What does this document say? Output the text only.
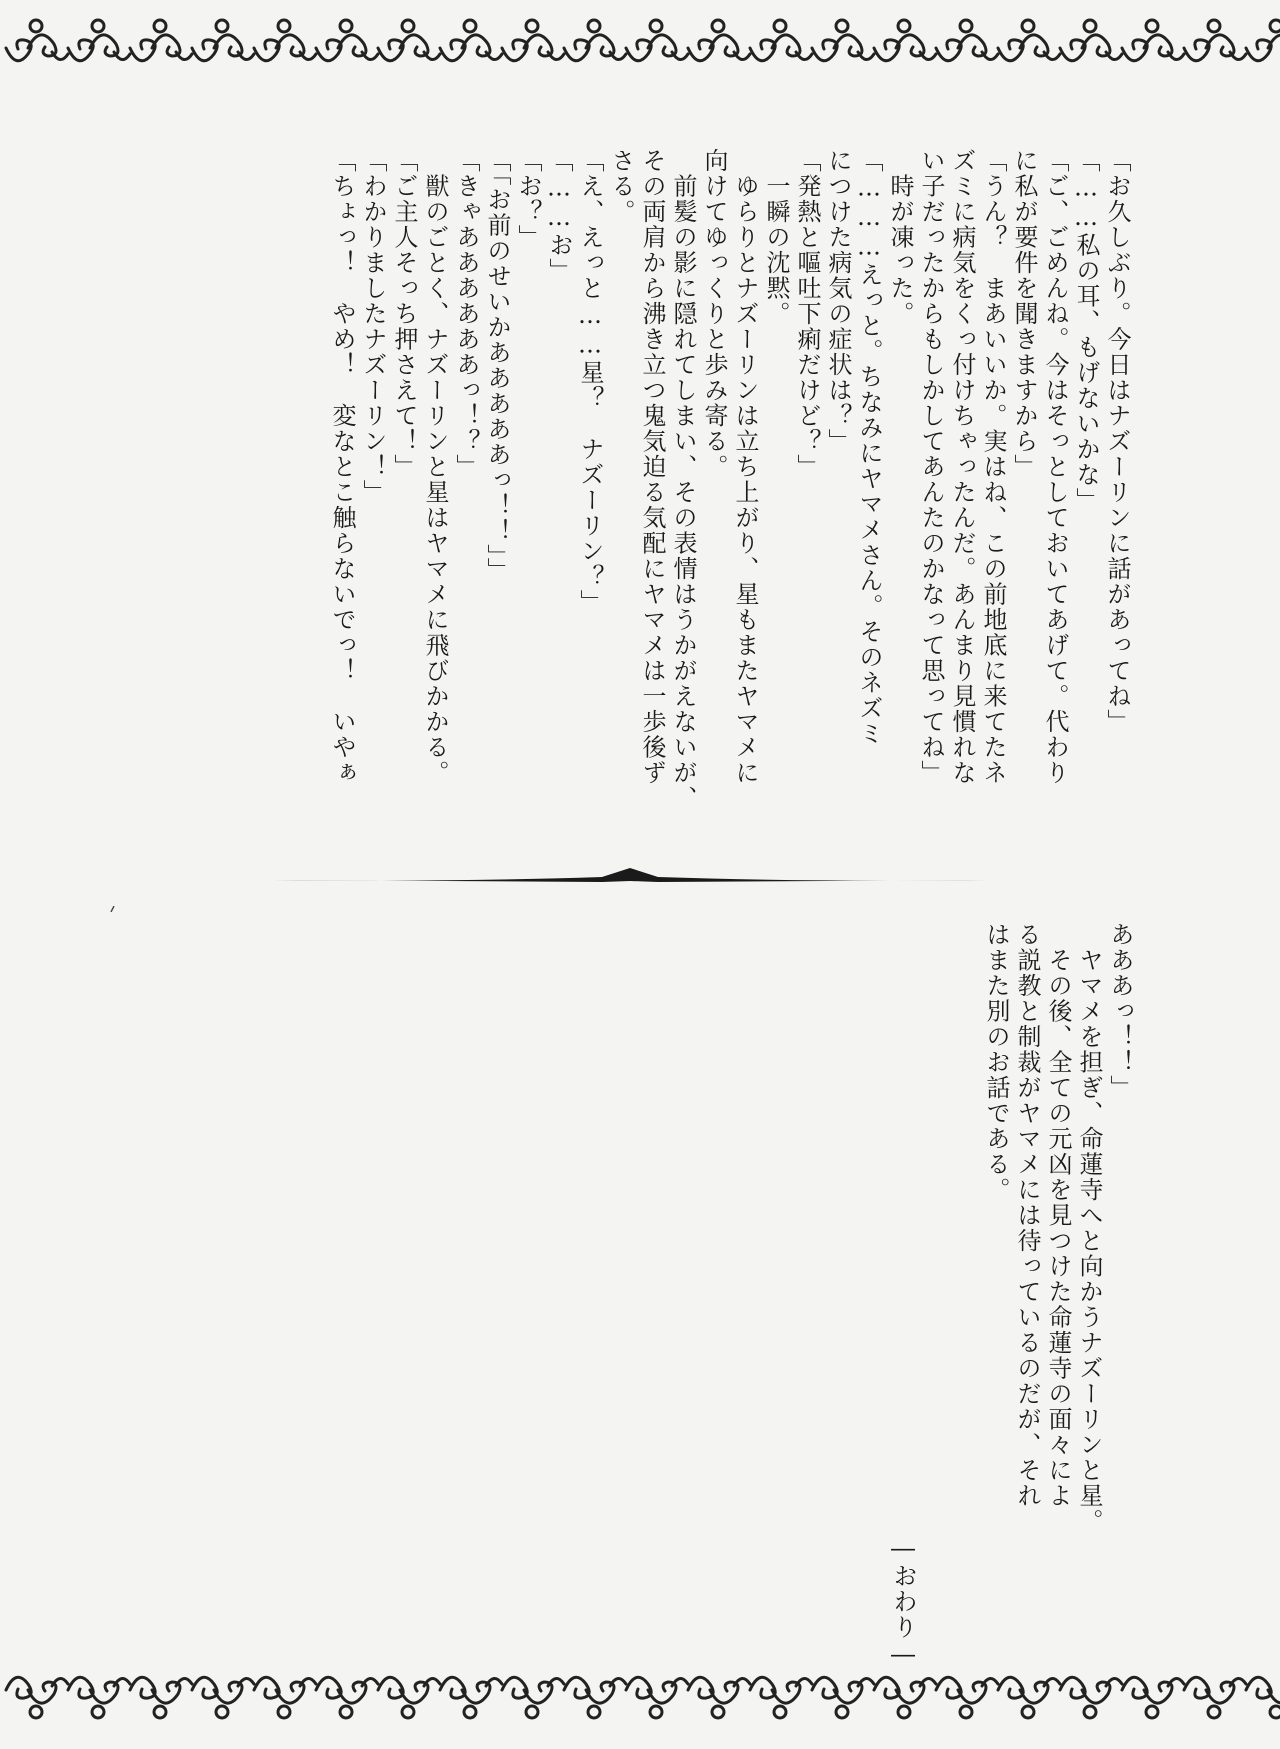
「お久しぶり。今日はナズーリンに話があってね」
「……私の耳、もげないかな」
「ご、ごめんね。今はそっとしておいてあげて。代わり
に私が要件を聞きますから」
「うん？　まあいいか。実はね、この前地底に来てたネ
ズミに病気をくっ付けちゃったんだ。あんまり見慣れな
い子だったからもしかしてあんたのかなって思ってね」
　時が凍った。
「………えっと。ちなみにヤマメさん。そのネズミ
につけた病気の症状は？」
「発熱と嘔吐下痢だけど？」
　一瞬の沈黙。
　ゆらりとナズーリンは立ち上がり、星もまたヤマメに
向けてゆっくりと歩み寄る。
　前髪の影に隠れてしまい、その表情はうかがえないが、
その両肩から沸き立つ鬼気迫る気配にヤマメは一歩後ず
さる。
「え、えっと……星？　ナズーリン？」
「……お」
「お？」
「「お前のせいかあああああっ！！」」
「きゃああああああっ！？」
　獣のごとく、ナズーリンと星はヤマメに飛びかかる。
「ご主人そっち押さえて！」
「わかりましたナズーリン！」
「ちょっ！　やめ！　変なとこ触らないでっ！　いやぁ
あああっ！！」
　ヤマメを担ぎ、命蓮寺へと向かうナズーリンと星。
　その後、全ての元凶を見つけた命蓮寺の面々によ
る説教と制裁がヤマメには待っているのだが、それ
はまた別のお話である。

　　　　　　　　　　　　　　　　　　　　　　　　―おわり―
